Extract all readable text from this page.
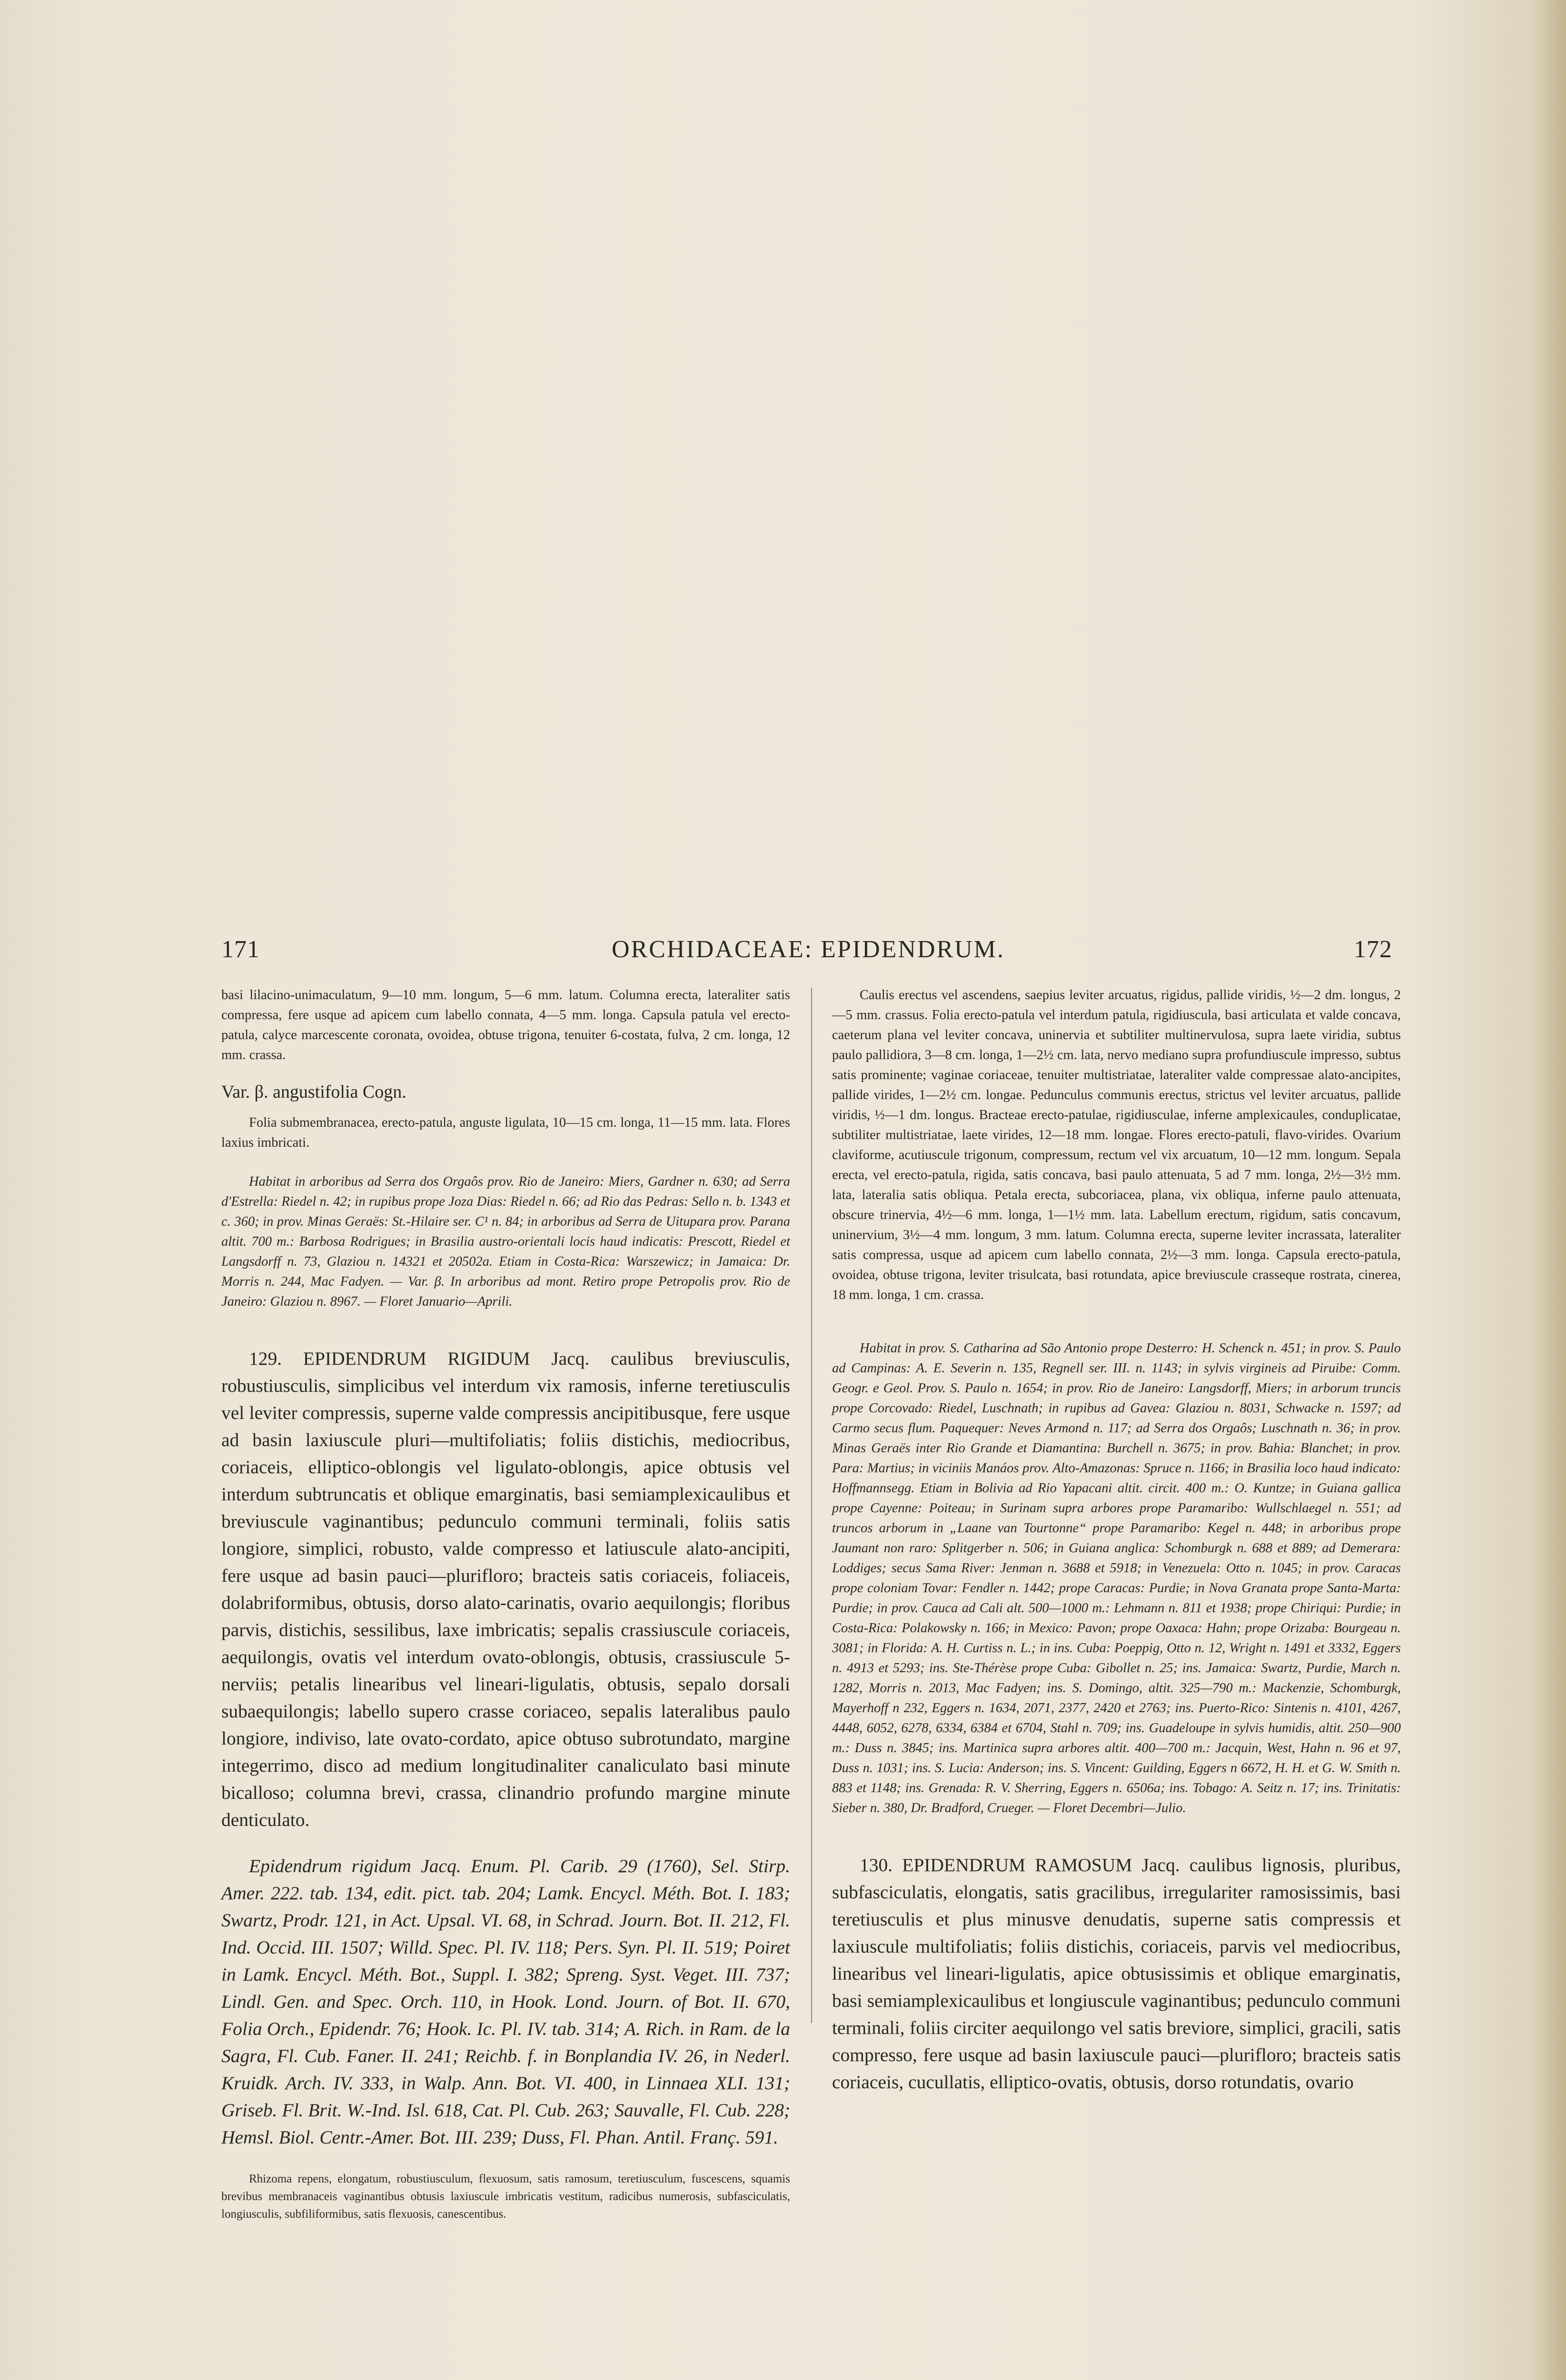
171	ORCHIDACEAE: EPIDENDRUM.	172

basi lilacino-unimaculatum, 9—10 mm. longum, 5—6 mm. latum. Columna erecta, lateraliter satis compressa, fere usque ad apicem cum labello connata, 4—5 mm. longa. Capsula patula vel erecto-patula, calyce marcescente coronata, ovoidea, obtuse trigona, tenuiter 6-costata, fulva, 2 cm. longa, 12 mm. crassa.

Var. β. angustifolia Cogn.

Folia submembranacea, erecto-patula, anguste ligulata, 10—15 cm. longa, 11—15 mm. lata. Flores laxius imbricati.

Habitat in arboribus ad Serra dos Orgaôs prov. Rio de Janeiro: Miers, Gardner n. 630; ad Serra d'Estrella: Riedel n. 42; in rupibus prope Joza Dias: Riedel n. 66; ad Rio das Pedras: Sello n. b. 1343 et c. 360; in prov. Minas Geraës: St.-Hilaire ser. C¹ n. 84; in arboribus ad Serra de Uitupara prov. Parana altit. 700 m.: Barbosa Rodrigues; in Brasilia austro-orientali locis haud indicatis: Prescott, Riedel et Langsdorff n. 73, Glaziou n. 14321 et 20502a. Etiam in Costa-Rica: Warszewicz; in Jamaica: Dr. Morris n. 244, Mac Fadyen. — Var. β. In arboribus ad mont. Retiro prope Petropolis prov. Rio de Janeiro: Glaziou n. 8967. — Floret Januario—Aprili.

129. EPIDENDRUM RIGIDUM Jacq. caulibus breviusculis, robustiusculis, simplicibus vel interdum vix ramosis, inferne teretiusculis vel leviter compressis, superne valde compressis ancipitibusque, fere usque ad basin laxiuscule pluri—multifoliatis; foliis distichis, mediocribus, coriaceis, elliptico-oblongis vel ligulato-oblongis, apice obtusis vel interdum subtruncatis et oblique emarginatis, basi semiamplexicaulibus et breviuscule vaginantibus; pedunculo communi terminali, foliis satis longiore, simplici, robusto, valde compresso et latiuscule alato-ancipiti, fere usque ad basin pauci—plurifloro; bracteis satis coriaceis, foliaceis, dolabriformibus, obtusis, dorso alato-carinatis, ovario aequilongis; floribus parvis, distichis, sessilibus, laxe imbricatis; sepalis crassiuscule coriaceis, aequilongis, ovatis vel interdum ovato-oblongis, obtusis, crassiuscule 5-nerviis; petalis linearibus vel lineari-ligulatis, obtusis, sepalo dorsali subaequilongis; labello supero crasse coriaceo, sepalis lateralibus paulo longiore, indiviso, late ovato-cordato, apice obtuso subrotundato, margine integerrimo, disco ad medium longitudinaliter canaliculato basi minute bicalloso; columna brevi, crassa, clinandrio profundo margine minute denticulato.

Epidendrum rigidum Jacq. Enum. Pl. Carib. 29 (1760), Sel. Stirp. Amer. 222. tab. 134, edit. pict. tab. 204; Lamk. Encycl. Méth. Bot. I. 183; Swartz, Prodr. 121, in Act. Upsal. VI. 68, in Schrad. Journ. Bot. II. 212, Fl. Ind. Occid. III. 1507; Willd. Spec. Pl. IV. 118; Pers. Syn. Pl. II. 519; Poiret in Lamk. Encycl. Méth. Bot., Suppl. I. 382; Spreng. Syst. Veget. III. 737; Lindl. Gen. and Spec. Orch. 110, in Hook. Lond. Journ. of Bot. II. 670, Folia Orch., Epidendr. 76; Hook. Ic. Pl. IV. tab. 314; A. Rich. in Ram. de la Sagra, Fl. Cub. Faner. II. 241; Reichb. f. in Bonplandia IV. 26, in Nederl. Kruidk. Arch. IV. 333, in Walp. Ann. Bot. VI. 400, in Linnaea XLI. 131; Griseb. Fl. Brit. W.-Ind. Isl. 618, Cat. Pl. Cub. 263; Sauvalle, Fl. Cub. 228; Hemsl. Biol. Centr.-Amer. Bot. III. 239; Duss, Fl. Phan. Antil. Franç. 591.

Rhizoma repens, elongatum, robustiusculum, flexuosum, satis ramosum, teretiusculum, fuscescens, squamis brevibus membranaceis vaginantibus obtusis laxiuscule imbricatis vestitum, radicibus numerosis, subfasciculatis, longiusculis, subfiliformibus, satis flexuosis, canescentibus.

Caulis erectus vel ascendens, saepius leviter arcuatus, rigidus, pallide viridis, ½—2 dm. longus, 2—5 mm. crassus. Folia erecto-patula vel interdum patula, rigidiuscula, basi articulata et valde concava, caeterum plana vel leviter concava, uninervia et subtiliter multinervulosa, supra laete viridia, subtus paulo pallidiora, 3—8 cm. longa, 1—2½ cm. lata, nervo mediano supra profundiuscule impresso, subtus satis prominente; vaginae coriaceae, tenuiter multistriatae, lateraliter valde compressae alato-ancipites, pallide virides, 1—2½ cm. longae. Pedunculus communis erectus, strictus vel leviter arcuatus, pallide viridis, ½—1 dm. longus. Bracteae erecto-patulae, rigidiusculae, inferne amplexicaules, conduplicatae, subtiliter multistriatae, laete virides, 12—18 mm. longae. Flores erecto-patuli, flavo-virides. Ovarium claviforme, acutiuscule trigonum, compressum, rectum vel vix arcuatum, 10—12 mm. longum. Sepala erecta, vel erecto-patula, rigida, satis concava, basi paulo attenuata, 5 ad 7 mm. longa, 2½—3½ mm. lata, lateralia satis obliqua. Petala erecta, subcoriacea, plana, vix obliqua, inferne paulo attenuata, obscure trinervia, 4½—6 mm. longa, 1—1½ mm. lata. Labellum erectum, rigidum, satis concavum, uninervium, 3½—4 mm. longum, 3 mm. latum. Columna erecta, superne leviter incrassata, lateraliter satis compressa, usque ad apicem cum labello connata, 2½—3 mm. longa. Capsula erecto-patula, ovoidea, obtuse trigona, leviter trisulcata, basi rotundata, apice breviuscule crasseque rostrata, cinerea, 18 mm. longa, 1 cm. crassa.

Habitat in prov. S. Catharina ad São Antonio prope Desterro: H. Schenck n. 451; in prov. S. Paulo ad Campinas: A. E. Severin n. 135, Regnell ser. III. n. 1143; in sylvis virgineis ad Piruibe: Comm. Geogr. e Geol. Prov. S. Paulo n. 1654; in prov. Rio de Janeiro: Langsdorff, Miers; in arborum truncis prope Corcovado: Riedel, Luschnath; in rupibus ad Gavea: Glaziou n. 8031, Schwacke n. 1597; ad Carmo secus flum. Paquequer: Neves Armond n. 117; ad Serra dos Orgaôs; Luschnath n. 36; in prov. Minas Geraës inter Rio Grande et Diamantina: Burchell n. 3675; in prov. Bahia: Blanchet; in prov. Para: Martius; in viciniis Manáos prov. Alto-Amazonas: Spruce n. 1166; in Brasilia loco haud indicato: Hoffmannsegg. Etiam in Bolivia ad Rio Yapacani altit. circit. 400 m.: O. Kuntze; in Guiana gallica prope Cayenne: Poiteau; in Surinam supra arbores prope Paramaribo: Wullschlaegel n. 551; ad truncos arborum in „Laane van Tourtonne“ prope Paramaribo: Kegel n. 448; in arboribus prope Jaumant non raro: Splitgerber n. 506; in Guiana anglica: Schomburgk n. 688 et 889; ad Demerara: Loddiges; secus Sama River: Jenman n. 3688 et 5918; in Venezuela: Otto n. 1045; in prov. Caracas prope coloniam Tovar: Fendler n. 1442; prope Caracas: Purdie; in Nova Granata prope Santa-Marta: Purdie; in prov. Cauca ad Cali alt. 500—1000 m.: Lehmann n. 811 et 1938; prope Chiriqui: Purdie; in Costa-Rica: Polakowsky n. 166; in Mexico: Pavon; prope Oaxaca: Hahn; prope Orizaba: Bourgeau n. 3081; in Florida: A. H. Curtiss n. L.; in ins. Cuba: Poeppig, Otto n. 12, Wright n. 1491 et 3332, Eggers n. 4913 et 5293; ins. Ste-Thérèse prope Cuba: Gibollet n. 25; ins. Jamaica: Swartz, Purdie, March n. 1282, Morris n. 2013, Mac Fadyen; ins. S. Domingo, altit. 325—790 m.: Mackenzie, Schomburgk, Mayerhoff n 232, Eggers n. 1634, 2071, 2377, 2420 et 2763; ins. Puerto-Rico: Sintenis n. 4101, 4267, 4448, 6052, 6278, 6334, 6384 et 6704, Stahl n. 709; ins. Guadeloupe in sylvis humidis, altit. 250—900 m.: Duss n. 3845; ins. Martinica supra arbores altit. 400—700 m.: Jacquin, West, Hahn n. 96 et 97, Duss n. 1031; ins. S. Lucia: Anderson; ins. S. Vincent: Guilding, Eggers n 6672, H. H. et G. W. Smith n. 883 et 1148; ins. Grenada: R. V. Sherring, Eggers n. 6506a; ins. Tobago: A. Seitz n. 17; ins. Trinitatis: Sieber n. 380, Dr. Bradford, Crueger. — Floret Decembri—Julio.

130. EPIDENDRUM RAMOSUM Jacq. caulibus lignosis, pluribus, subfasciculatis, elongatis, satis gracilibus, irregulariter ramosissimis, basi teretiusculis et plus minusve denudatis, superne satis compressis et laxiuscule multifoliatis; foliis distichis, coriaceis, parvis vel mediocribus, linearibus vel lineari-ligulatis, apice obtusissimis et oblique emarginatis, basi semiamplexicaulibus et longiuscule vaginantibus; pedunculo communi terminali, foliis circiter aequilongo vel satis breviore, simplici, gracili, satis compresso, fere usque ad basin laxiuscule pauci—plurifloro; bracteis satis coriaceis, cucullatis, elliptico-ovatis, obtusis, dorso rotundatis, ovario
